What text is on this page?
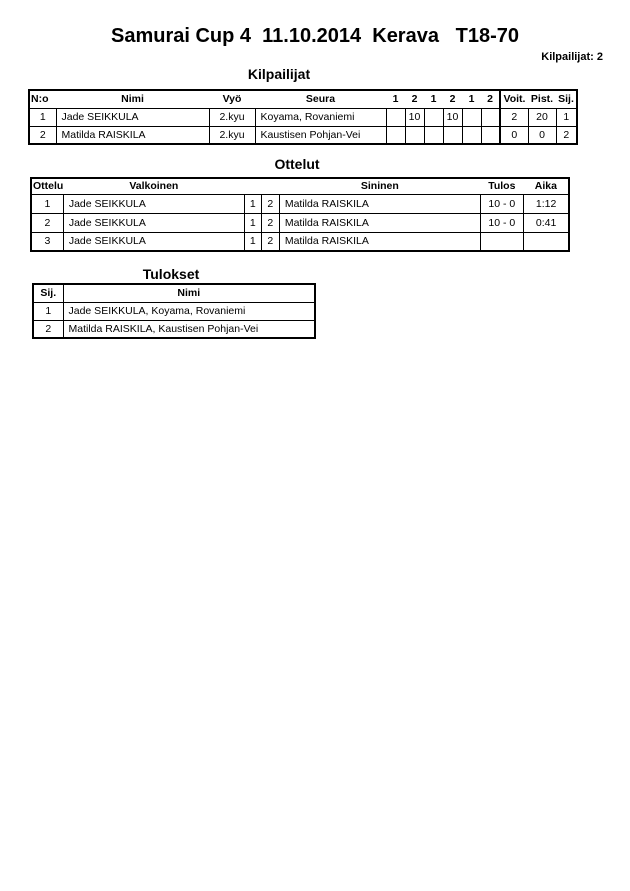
Samurai Cup 4  11.10.2014  Kerava   T18-70
Kilpailijat: 2
Kilpailijat
N:o	Nimi	Vyö	Seura	1	2	1	2	1	2	Voit.	Pist.	Sij.
1	Jade SEIKKULA	2.kyu	Koyama, Rovaniemi		10		10			2	20	1
2	Matilda RAISKILA	2.kyu	Kaustisen Pohjan-Vei							0	0	2
Ottelut
Ottelu	Valkoinen			Sininen	Tulos	Aika
1	Jade SEIKKULA	1	2	Matilda RAISKILA	10 - 0	1:12
2	Jade SEIKKULA	1	2	Matilda RAISKILA	10 - 0	0:41
3	Jade SEIKKULA	1	2	Matilda RAISKILA		
Tulokset
Sij.	Nimi
1	Jade SEIKKULA, Koyama, Rovaniemi
2	Matilda RAISKILA, Kaustisen Pohjan-Vei
